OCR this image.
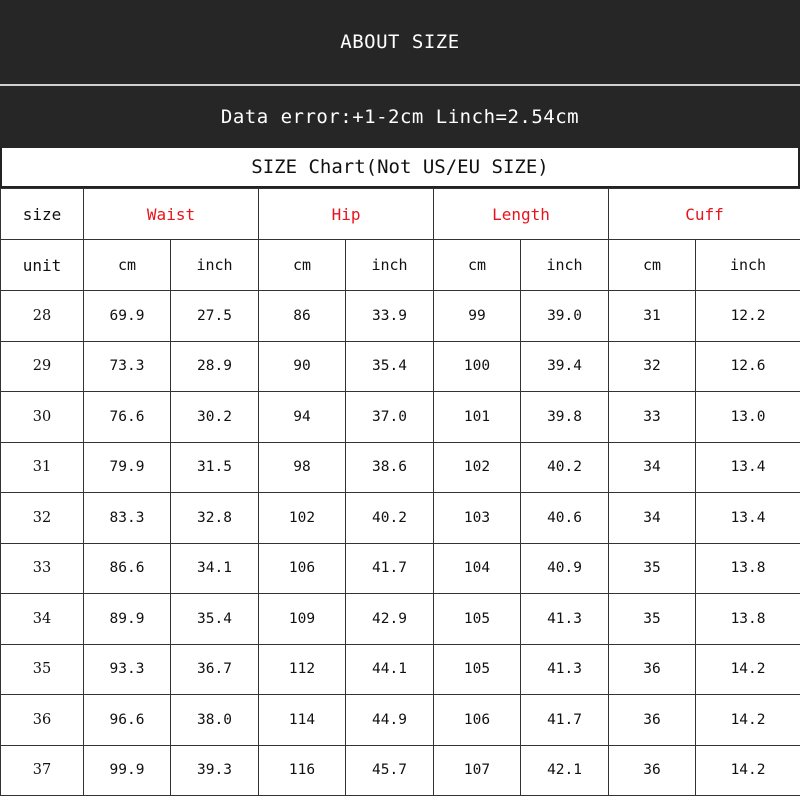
ABOUT SIZE
Data error:+1-2cm Linch=2.54cm
SIZE Chart(Not US/EU SIZE)
size	Waist		Hip		Length		Cuff	
unit	cm	inch	cm	inch	cm	inch	cm	inch
28	69.9	27.5	86	33.9	99	39.0	31	12.2
29	73.3	28.9	90	35.4	100	39.4	32	12.6
30	76.6	30.2	94	37.0	101	39.8	33	13.0
31	79.9	31.5	98	38.6	102	40.2	34	13.4
32	83.3	32.8	102	40.2	103	40.6	34	13.4
33	86.6	34.1	106	41.7	104	40.9	35	13.8
34	89.9	35.4	109	42.9	105	41.3	35	13.8
35	93.3	36.7	112	44.1	105	41.3	36	14.2
36	96.6	38.0	114	44.9	106	41.7	36	14.2
37	99.9	39.3	116	45.7	107	42.1	36	14.2
